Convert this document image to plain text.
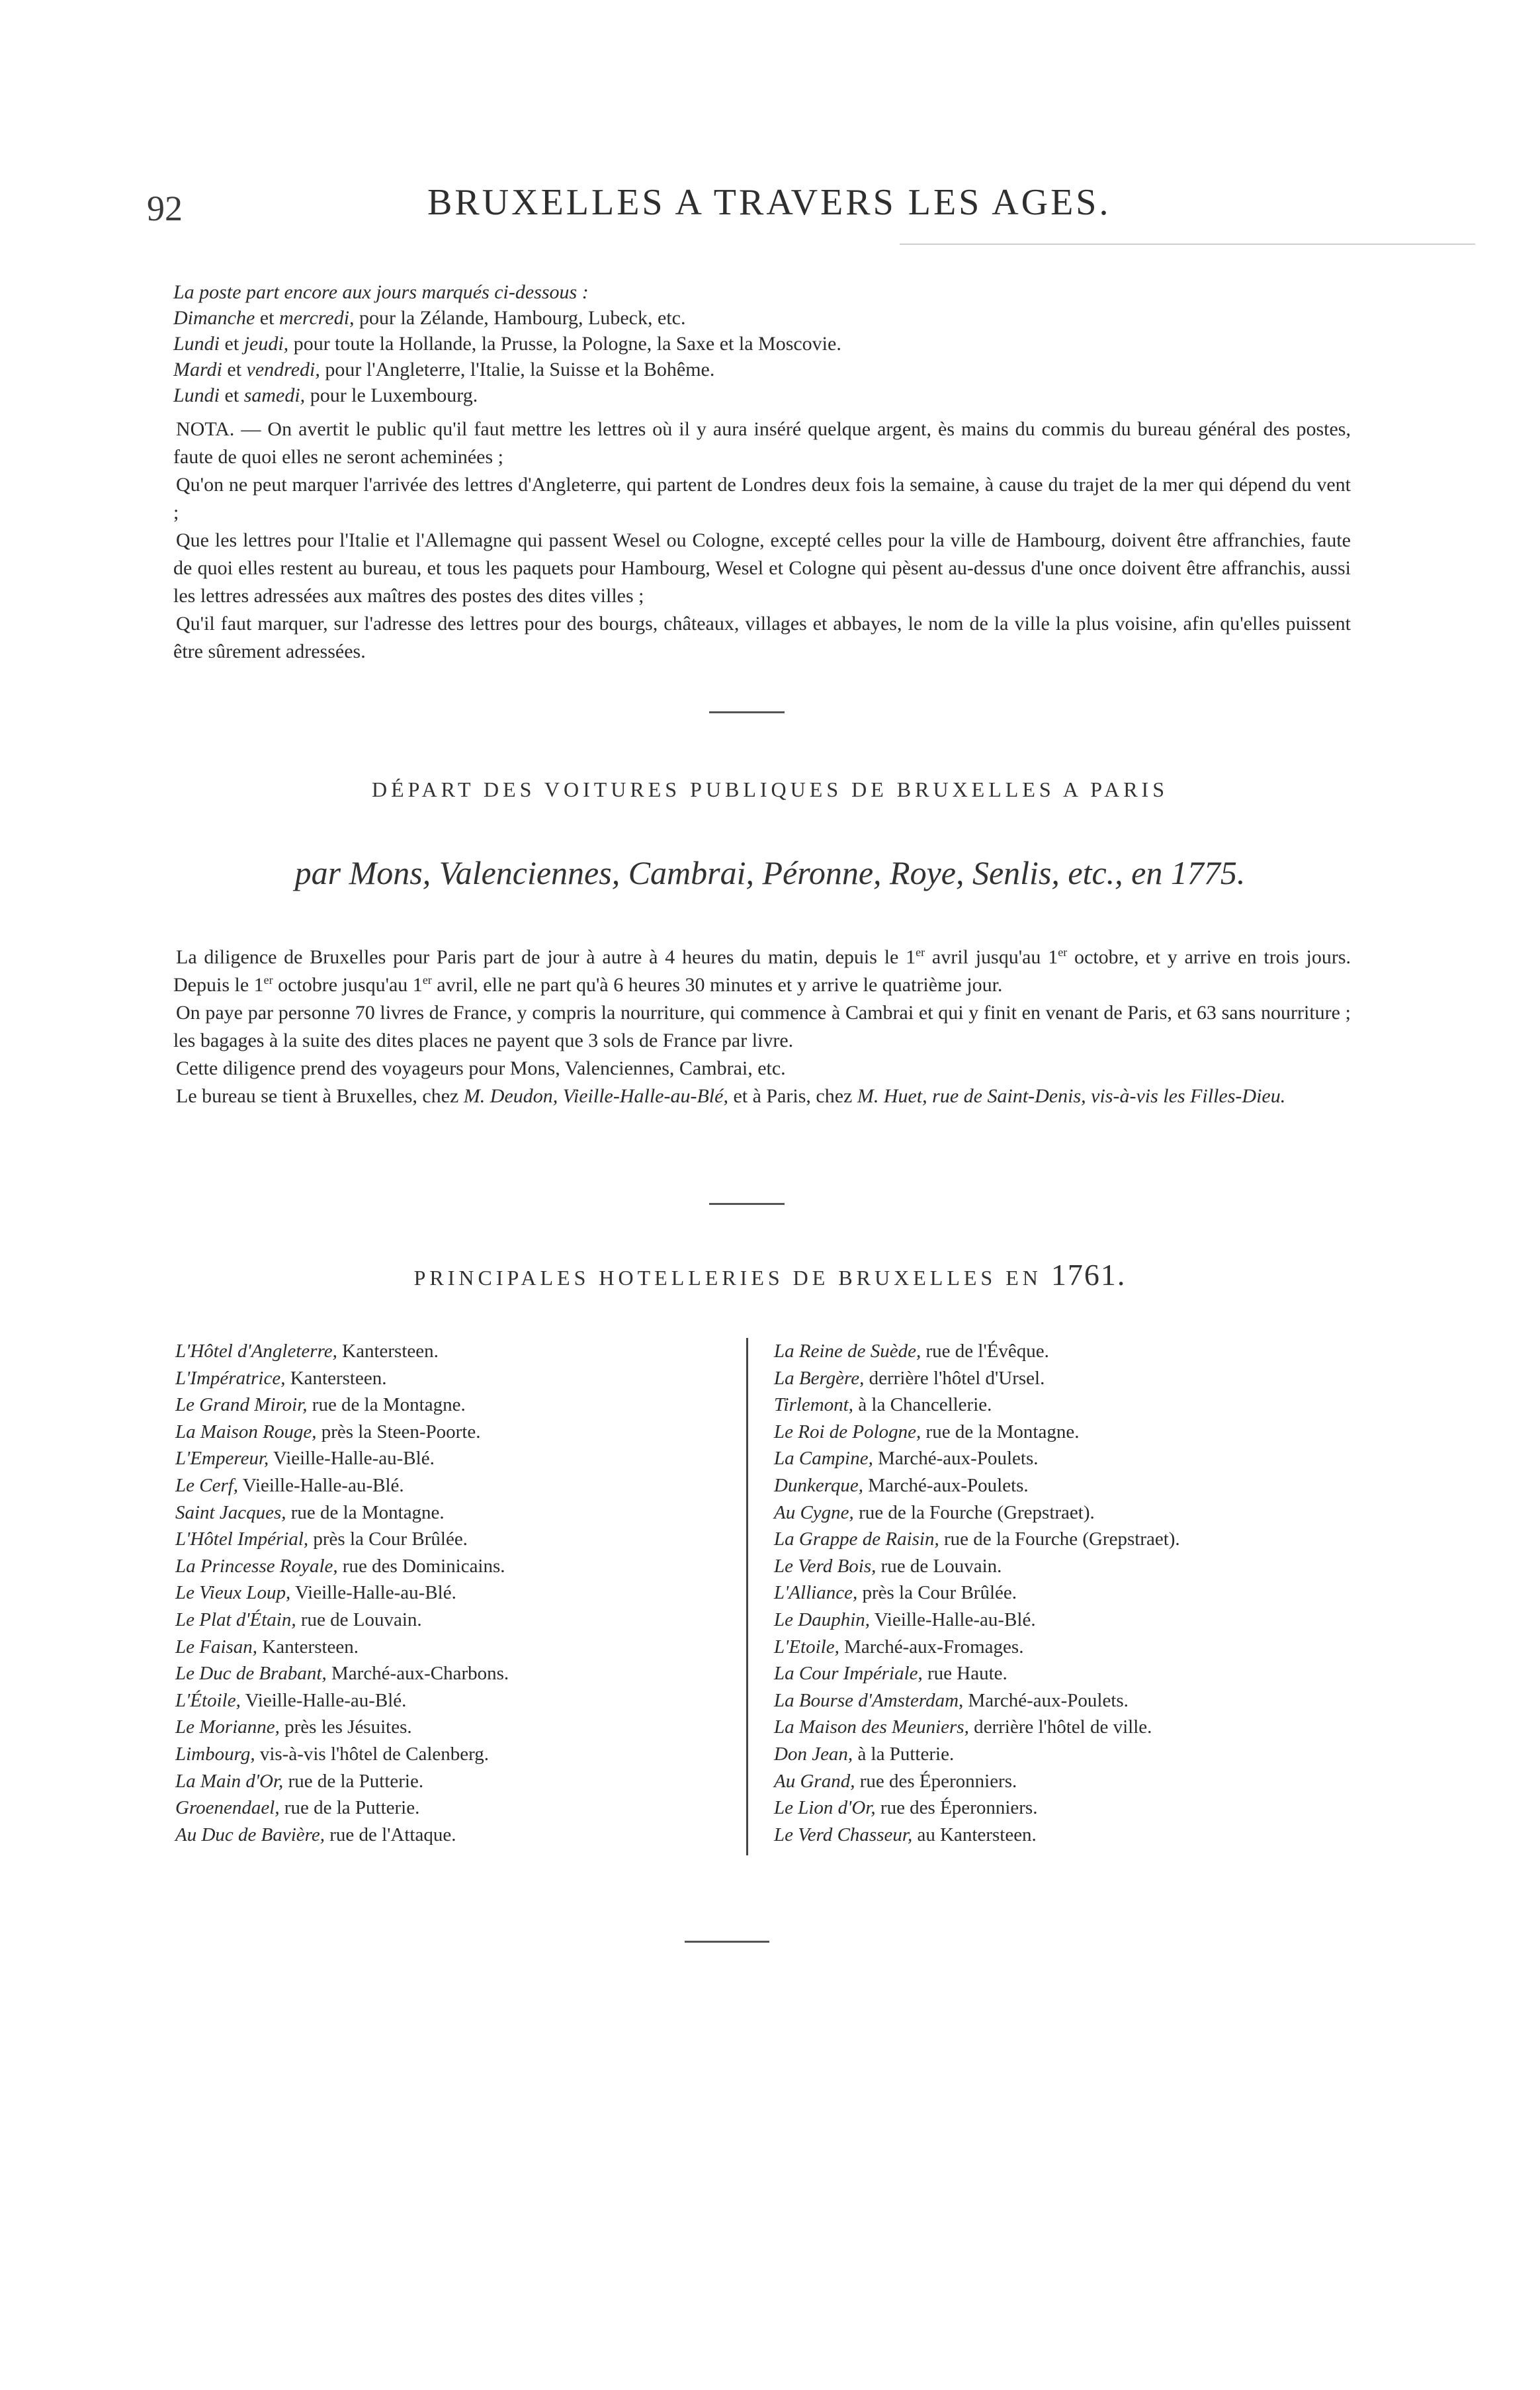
92	BRUXELLES A TRAVERS LES AGES.
La poste part encore aux jours marqués ci-dessous :
Dimanche et mercredi, pour la Zélande, Hambourg, Lubeck, etc.
Lundi et jeudi, pour toute la Hollande, la Prusse, la Pologne, la Saxe et la Moscovie.
Mardi et vendredi, pour l'Angleterre, l'Italie, la Suisse et la Bohême.
Lundi et samedi, pour le Luxembourg.

NOTA. — On avertit le public qu'il faut mettre les lettres où il y aura inséré quelque argent, ès mains du commis du bureau général des postes, faute de quoi elles ne seront acheminées ;

Qu'on ne peut marquer l'arrivée des lettres d'Angleterre, qui partent de Londres deux fois la semaine, à cause du trajet de la mer qui dépend du vent ;

Que les lettres pour l'Italie et l'Allemagne qui passent Wesel ou Cologne, excepté celles pour la ville de Hambourg, doivent être affranchies, faute de quoi elles restent au bureau, et tous les paquets pour Hambourg, Wesel et Cologne qui pèsent au-dessus d'une once doivent être affranchis, aussi les lettres adressées aux maîtres des postes des dites villes ;

Qu'il faut marquer, sur l'adresse des lettres pour des bourgs, châteaux, villages et abbayes, le nom de la ville la plus voisine, afin qu'elles puissent être sûrement adressées.

DÉPART DES VOITURES PUBLIQUES DE BRUXELLES A PARIS
par Mons, Valenciennes, Cambrai, Péronne, Roye, Senlis, etc., en 1775.

La diligence de Bruxelles pour Paris part de jour à autre à 4 heures du matin, depuis le 1er avril jusqu'au 1er octobre, et y arrive en trois jours. Depuis le 1er octobre jusqu'au 1er avril, elle ne part qu'à 6 heures 30 minutes et y arrive le quatrième jour.

On paye par personne 70 livres de France, y compris la nourriture, qui commence à Cambrai et qui y finit en venant de Paris, et 63 sans nourriture ; les bagages à la suite des dites places ne payent que 3 sols de France par livre.

Cette diligence prend des voyageurs pour Mons, Valenciennes, Cambrai, etc.

Le bureau se tient à Bruxelles, chez M. Deudon, Vieille-Halle-au-Blé, et à Paris, chez M. Huet, rue de Saint-Denis, vis-à-vis les Filles-Dieu.

PRINCIPALES HOTELLERIES DE BRUXELLES EN 1761.
L'Hôtel d'Angleterre, Kantersteen.
L'Impératrice, Kantersteen.
Le Grand Miroir, rue de la Montagne.
La Maison Rouge, près la Steen-Poorte.
L'Empereur, Vieille-Halle-au-Blé.
Le Cerf, Vieille-Halle-au-Blé.
Saint Jacques, rue de la Montagne.
L'Hôtel Impérial, près la Cour Brûlée.
La Princesse Royale, rue des Dominicains.
Le Vieux Loup, Vieille-Halle-au-Blé.
Le Plat d'Étain, rue de Louvain.
Le Faisan, Kantersteen.
Le Duc de Brabant, Marché-aux-Charbons.
L'Étoile, Vieille-Halle-au-Blé.
Le Morianne, près les Jésuites.
Limbourg, vis-à-vis l'hôtel de Calenberg.
La Main d'Or, rue de la Putterie.
Groenendael, rue de la Putterie.
Au Duc de Bavière, rue de l'Attaque.
La Reine de Suède, rue de l'Évêque.
La Bergère, derrière l'hôtel d'Ursel.
Tirlemont, à la Chancellerie.
Le Roi de Pologne, rue de la Montagne.
La Campine, Marché-aux-Poulets.
Dunkerque, Marché-aux-Poulets.
Au Cygne, rue de la Fourche (Grepstraet).
La Grappe de Raisin, rue de la Fourche (Grepstraet).
Le Verd Bois, rue de Louvain.
L'Alliance, près la Cour Brûlée.
Le Dauphin, Vieille-Halle-au-Blé.
L'Etoile, Marché-aux-Fromages.
La Cour Impériale, rue Haute.
La Bourse d'Amsterdam, Marché-aux-Poulets.
La Maison des Meuniers, derrière l'hôtel de ville.
Don Jean, à la Putterie.
Au Grand, rue des Éperonniers.
Le Lion d'Or, rue des Éperonniers.
Le Verd Chasseur, au Kantersteen.
